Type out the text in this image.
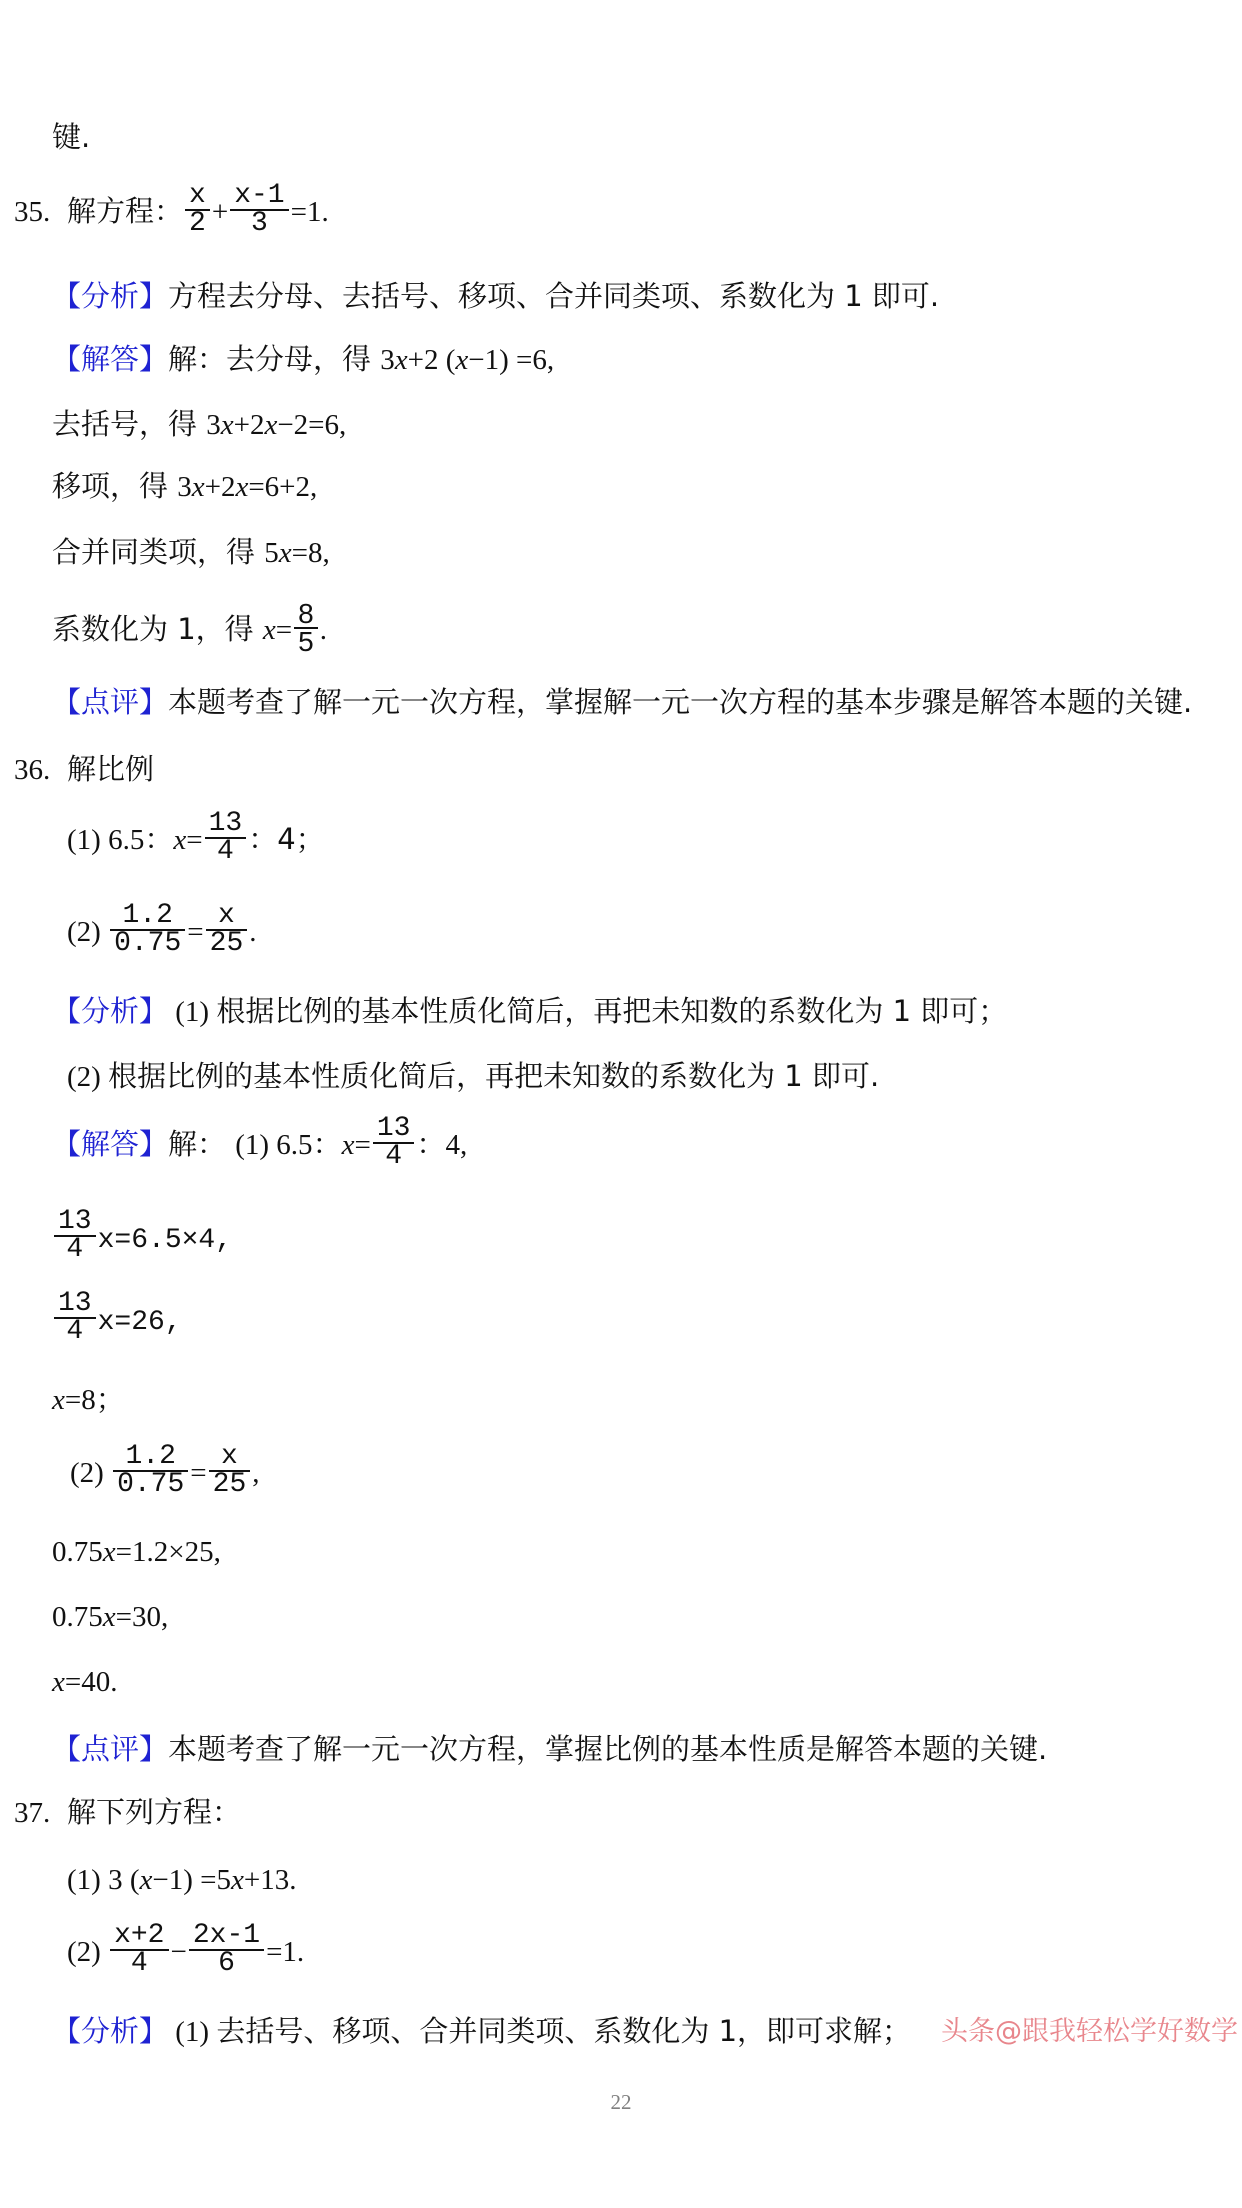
键.
35. 解方程： $\frac{x}{2} + \frac{x-1}{3} =1$.
【分析】方程去分母、去括号、移项、合并同类项、系数化为 1 即可.
【解答】解：去分母，得 3x+2 (x−1) =6,
去括号，得 3x+2x−2=6,
移项，得 3x+2x=6+2,
合并同类项，得 5x=8,
系数化为 1，得 $x= \frac{8}{5}$ .
【点评】本题考查了解一元一次方程，掌握解一元一次方程的基本步骤是解答本题的关键.
36. 解比例
(1) 6.5：$x= \frac{13}{4}$ ：4；
$(2) \frac{1.2}{0.75} = \frac{x}{25}$ .
【分析】 (1) 根据比例的基本性质化简后，再把未知数的系数化为 1 即可；
(2) 根据比例的基本性质化简后，再把未知数的系数化为 1 即可.
【解答】解： (1) 6.5：$x= \frac{13}{4}$ ：4,
$\frac{13}{4} x=6.5\times 4$,
$\frac{13}{4} x=26$,
x=8；
$(2) \frac{1.2}{0.75} = \frac{x}{25}$ ,
0.75x=1.2×25,
0.75x=30,
x=40.
【点评】本题考查了解一元一次方程，掌握比例的基本性质是解答本题的关键.
37. 解下列方程：
(1) 3 (x−1) =5x+13.
$(2) \frac{x+2}{4} - \frac{2x-1}{6} =1$.
【分析】 (1) 去括号、移项、合并同类项、系数化为 1，即可求解； 头条@跟我轻松学好数学
22
